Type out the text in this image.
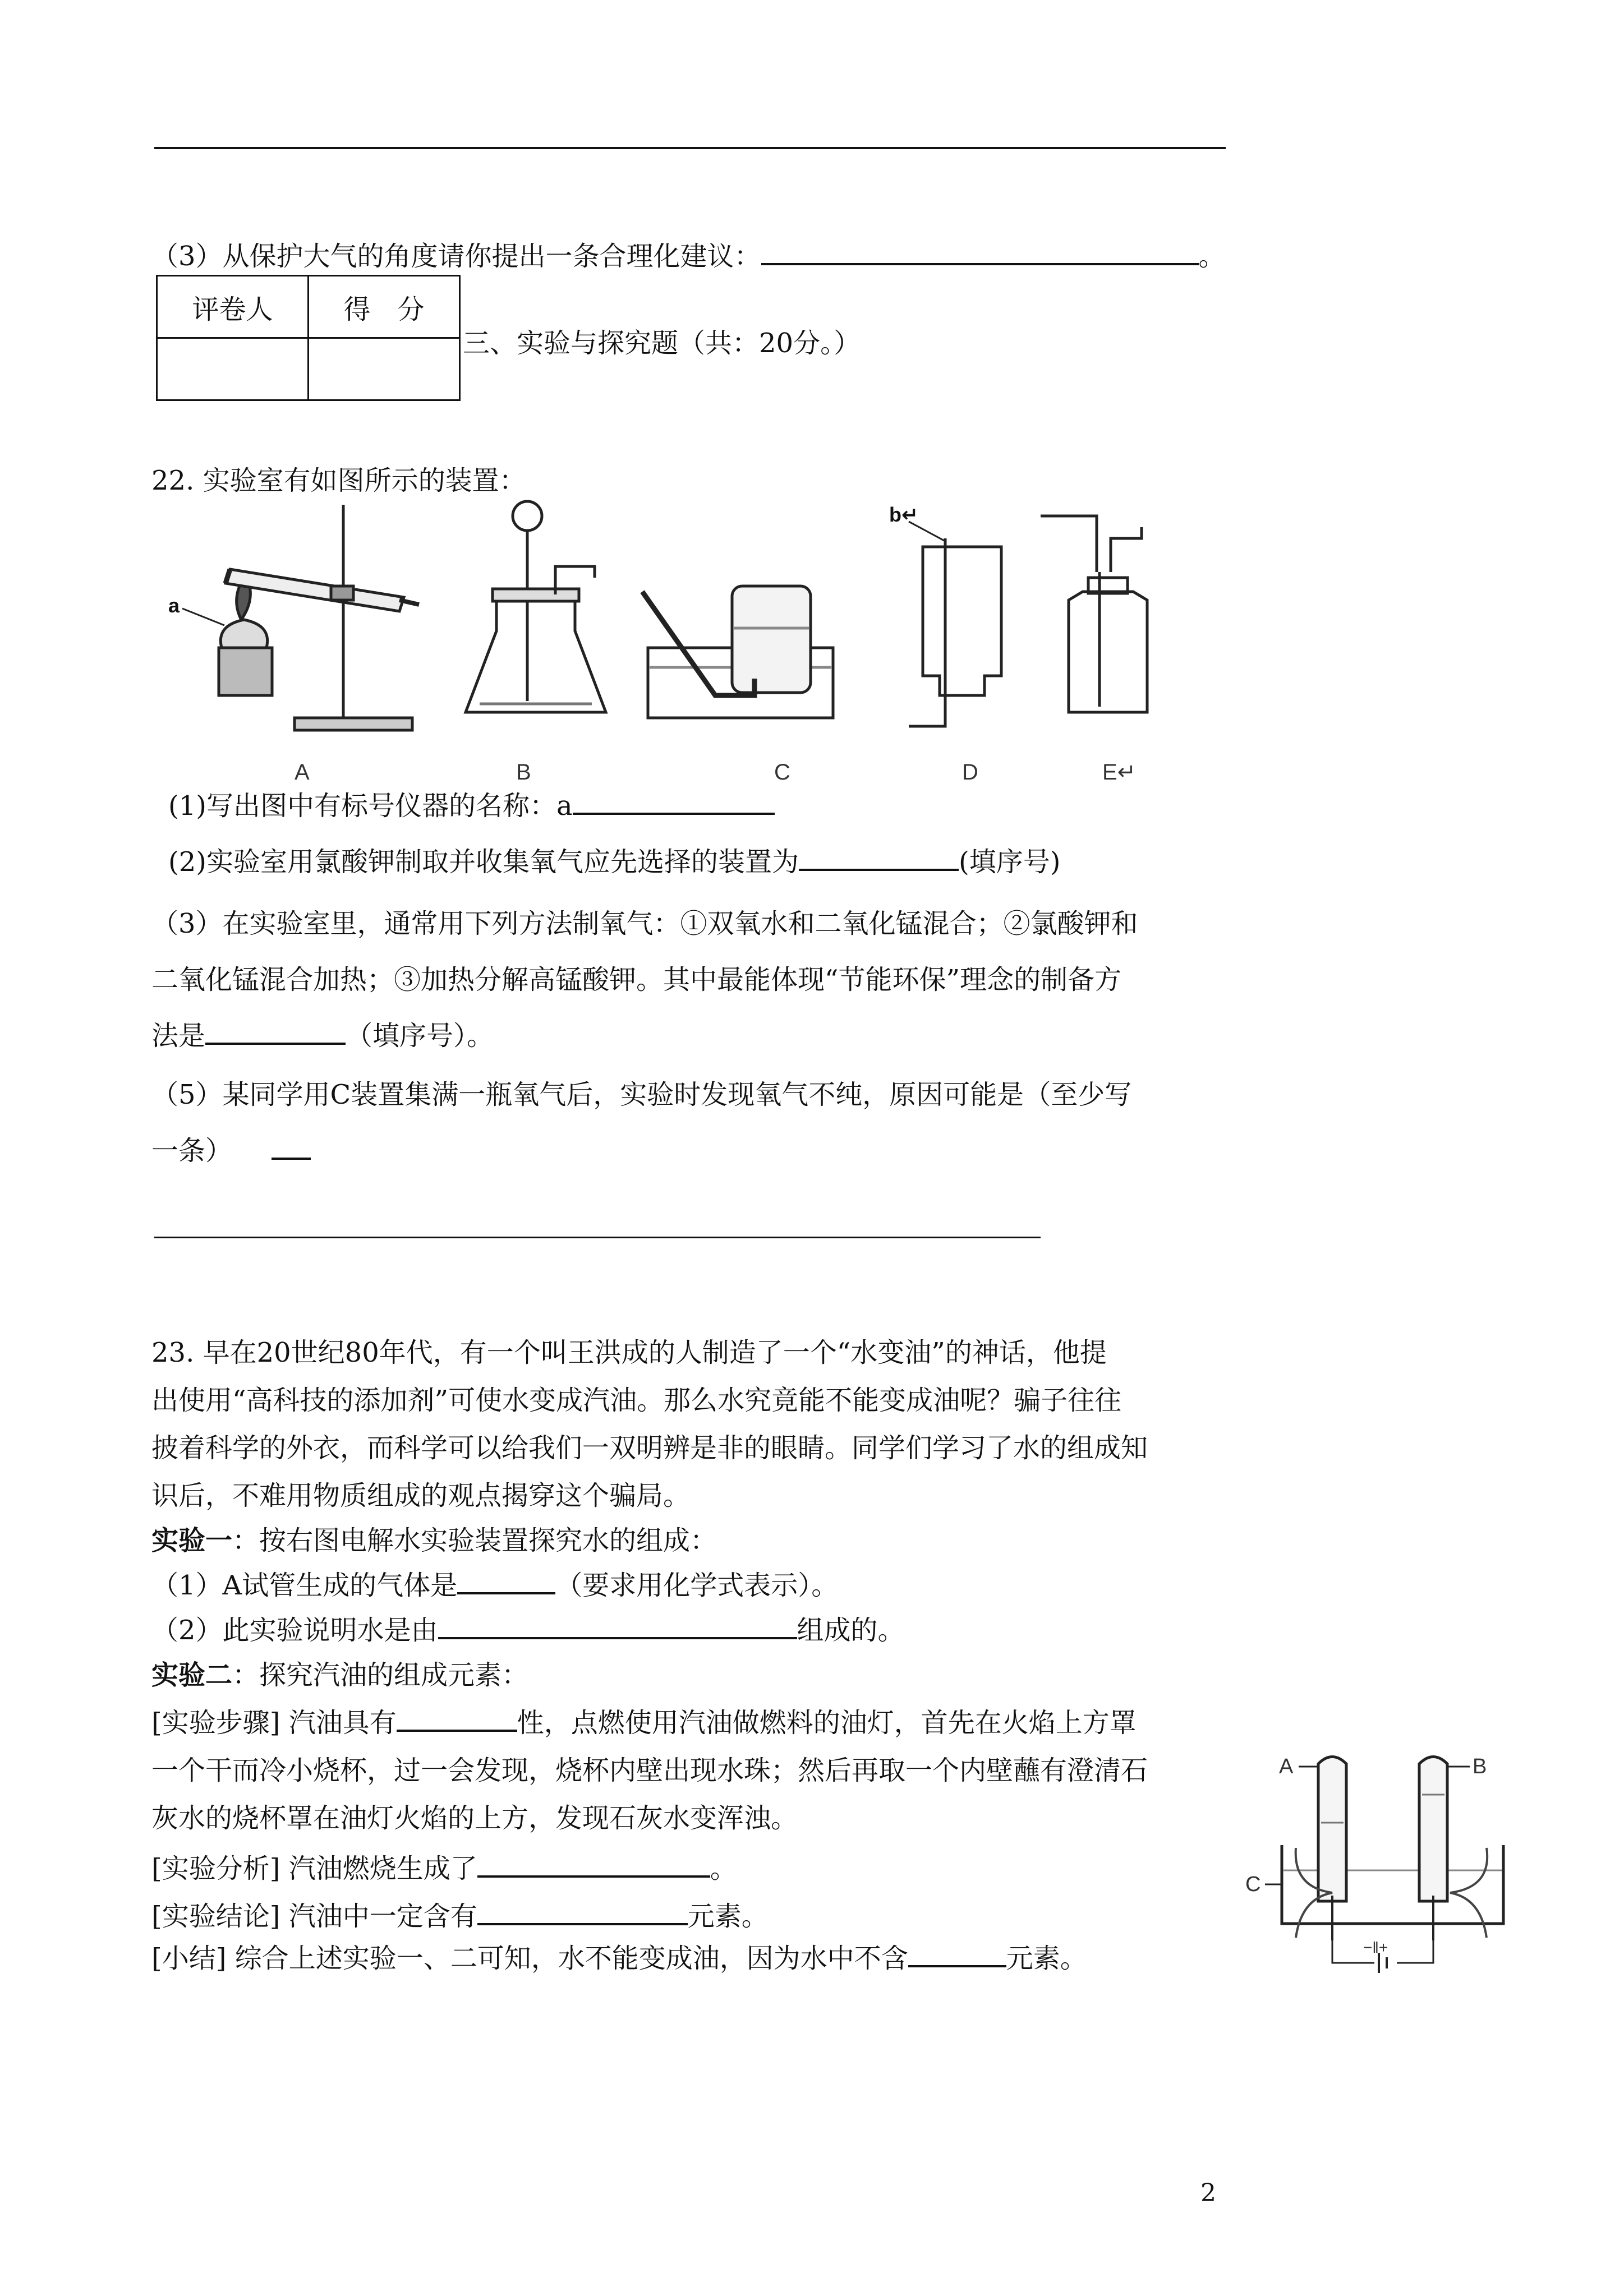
（3）从保护大气的角度请你提出一条合理化建议：	。
评卷人	得　分

三、实验与探究题（共：20分。）
22. 实验室有如图所示的装置：
a
b↵
A	B	C	D	E↵
(1)写出图中有标号仪器的名称：a
(2)实验室用氯酸钾制取并收集氧气应先选择的装置为	(填序号)
（3）在实验室里，通常用下列方法制氧气：①双氧水和二氧化锰混合；②氯酸钾和
二氧化锰混合加热；③加热分解高锰酸钾。其中最能体现“节能环保”理念的制备方
法是	（填序号）。
（5）某同学用C装置集满一瓶氧气后，实验时发现氧气不纯，原因可能是（至少写
一条）
23. 早在20世纪80年代，有一个叫王洪成的人制造了一个“水变油”的神话，他提
出使用“高科技的添加剂”可使水变成汽油。那么水究竟能不能变成油呢？骗子往往
披着科学的外衣，而科学可以给我们一双明辨是非的眼睛。同学们学习了水的组成知
识后，不难用物质组成的观点揭穿这个骗局。
实验一：按右图电解水实验装置探究水的组成：
（1）A试管生成的气体是	（要求用化学式表示）。
（2）此实验说明水是由	组成的。
实验二：探究汽油的组成元素：
[实验步骤] 汽油具有	性，点燃使用汽油做燃料的油灯，首先在火焰上方罩
一个干而冷小烧杯，过一会发现，烧杯内壁出现水珠；然后再取一个内壁蘸有澄清石
灰水的烧杯罩在油灯火焰的上方，发现石灰水变浑浊。
[实验分析] 汽油燃烧生成了	。
[实验结论] 汽油中一定含有	元素。
[小结] 综合上述实验一、二可知，水不能变成油，因为水中不含	元素。
A	B
C
−‖+
2
